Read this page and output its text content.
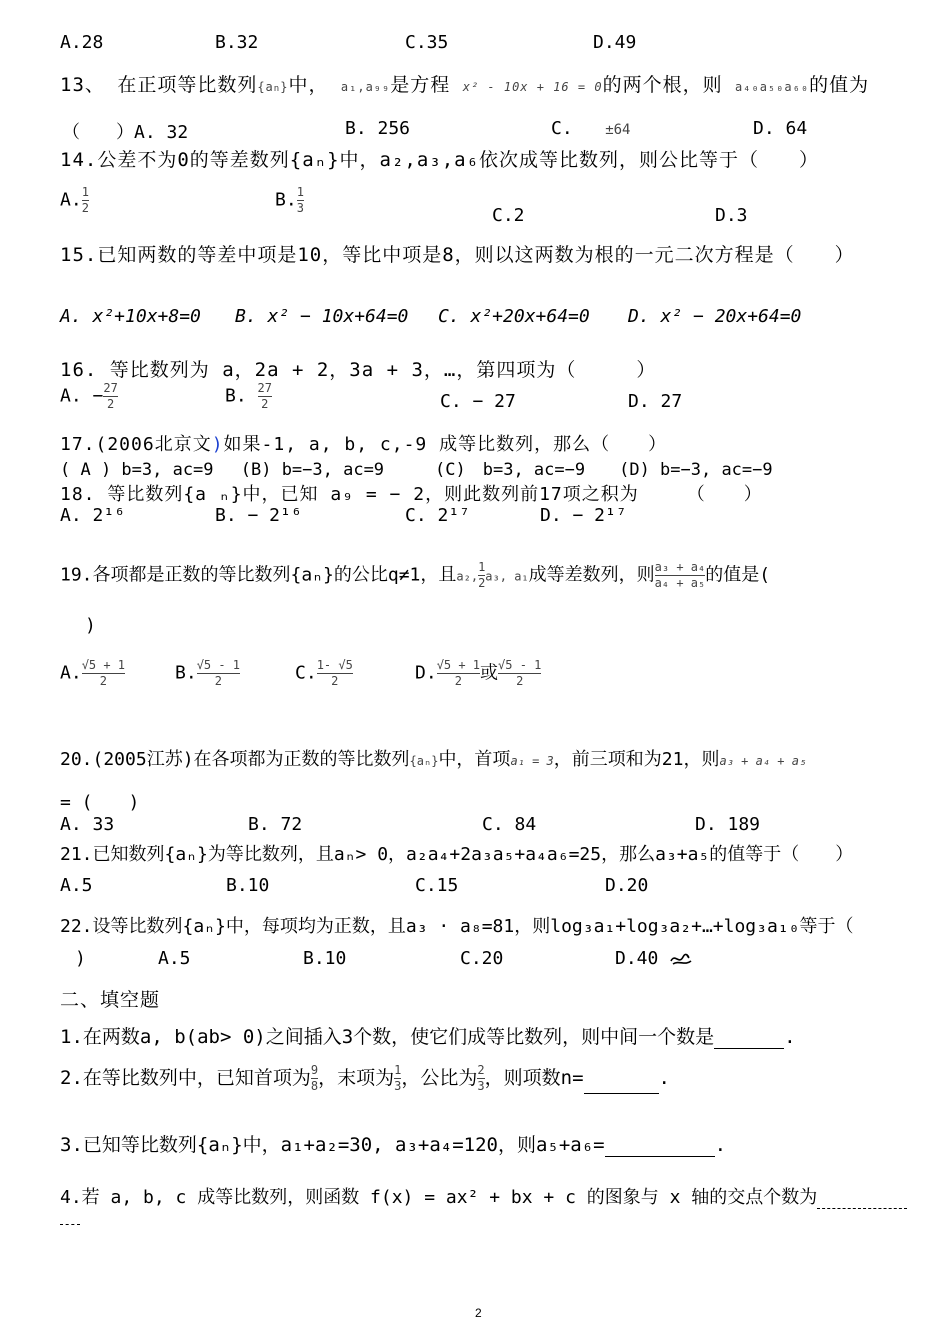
A.28	B.32	C.35	D.49
13、 在正项等比数列{an}中， a₁,a₉₉是方程 x² - 10x + 16 = 0的两个根，则 a₄₀a₅₀a₆₀的值为
（　　）A. 32	B. 256	C. ±64	D. 64
14.公差不为0的等差数列{aₙ}中，a₂,a₃,a₆依次成等比数列，则公比等于（　　）
A. $\frac{1}{2}$	B. $\frac{1}{3}$	C.2	D.3
15.已知两数的等差中项是10，等比中项是8，则以这两数为根的一元二次方程是（　　）
A. x²+10x+8=0 B. x² − 10x+64=0 C. x²+20x+64=0 D. x² − 20x+64=0
16. 等比数列为 a，2a + 2，3a + 3，…，第四项为（　　　）
A. − $\frac{27}{2}$	B. $\frac{27}{2}$	C. − 27	D. 27
17.(2006北京文)如果-1, a, b, c,-9 成等比数列，那么（　　）
( A ) b=3, ac=9　 (B) b=−3, ac=9　　　(C)　b=3, ac=−9　　(D) b=−3, ac=−9
18. 等比数列{a ₙ}中，已知 a₉ = − 2，则此数列前17项之积为　　　（　　）
A. 2¹⁶	B. − 2¹⁶	C. 2¹⁷	D. − 2¹⁷
19.各项都是正数的等比数列{aₙ}的公比q≠1，且a₂, $\frac{1}{2} a_3$, a₁成等差数列，则 $\frac{\text{a₃ + a₄}}{\text{a₄ + a₅}}$ 的值是(
)
A. $\frac{√5 + 1}{2}$	B. $\frac{√5 - 1}{2}$	C. $\frac{1- √5}{2}$	D. $\frac{√5 + 1}{2}$ 或 $\frac{√5 - 1}{2}$
20.(2005江苏)在各项都为正数的等比数列{aₙ}中，首项a₁ = 3，前三项和为21，则a₃ + a₄ + a₅
= (　　)
A. 33	B. 72	C. 84	D. 189
21.已知数列{aₙ}为等比数列，且aₙ> 0，a₂a₄+2a₃a₅+a₄a₆=25，那么a₃+a₅的值等于（　　）
A.5	B.10	C.15	D.20
22.设等比数列{aₙ}中，每项均为正数，且a₃ · a₈=81，则log₃a₁+log₃a₂+…+log₃a₁₀等于（
)	A.5	B.10	C.20	D.40
二、填空题
1.在两数a, b(ab> 0)之间插入3个数，使它们成等比数列，则中间一个数是	.
2.在等比数列中，已知首项为 $\frac{9}{8}$ ，末项为 $\frac{1}{3}$ ，公比为 $\frac{2}{3}$ ，则项数n=	.
3.已知等比数列{aₙ}中，a₁+a₂=30, a₃+a₄=120，则a₅+a₆=	.
4.若 a, b, c 成等比数列，则函数 f(x) = ax² + bx + c 的图象与 x 轴的交点个数为
2
